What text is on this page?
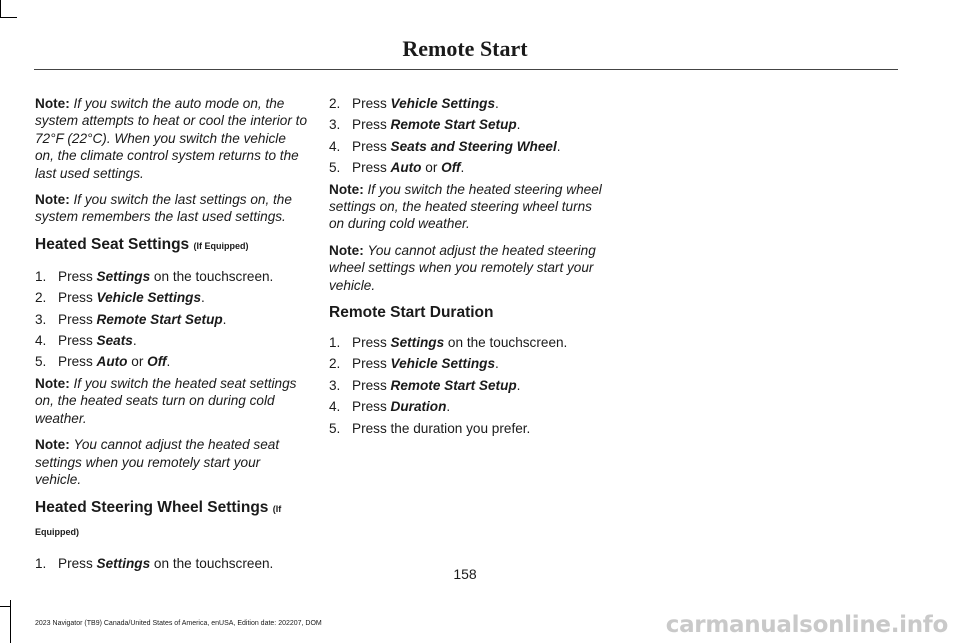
Remote Start

Note: If you switch the auto mode on, the system attempts to heat or cool the interior to 72°F (22°C). When you switch the vehicle on, the climate control system returns to the last used settings.

Note: If you switch the last settings on, the system remembers the last used settings.

Heated Seat Settings (If Equipped)
1. Press Settings on the touchscreen.
2. Press Vehicle Settings.
3. Press Remote Start Setup.
4. Press Seats.
5. Press Auto or Off.

Note: If you switch the heated seat settings on, the heated seats turn on during cold weather.

Note: You cannot adjust the heated seat settings when you remotely start your vehicle.

Heated Steering Wheel Settings (If Equipped)
1. Press Settings on the touchscreen.
2. Press Vehicle Settings.
3. Press Remote Start Setup.
4. Press Seats and Steering Wheel.
5. Press Auto or Off.

Note: If you switch the heated steering wheel settings on, the heated steering wheel turns on during cold weather.

Note: You cannot adjust the heated steering wheel settings when you remotely start your vehicle.

Remote Start Duration
1. Press Settings on the touchscreen.
2. Press Vehicle Settings.
3. Press Remote Start Setup.
4. Press Duration.
5. Press the duration you prefer.
158
2023 Navigator (TB9) Canada/United States of America, enUSA, Edition date: 202207, DOM	carmanualsonline.info
